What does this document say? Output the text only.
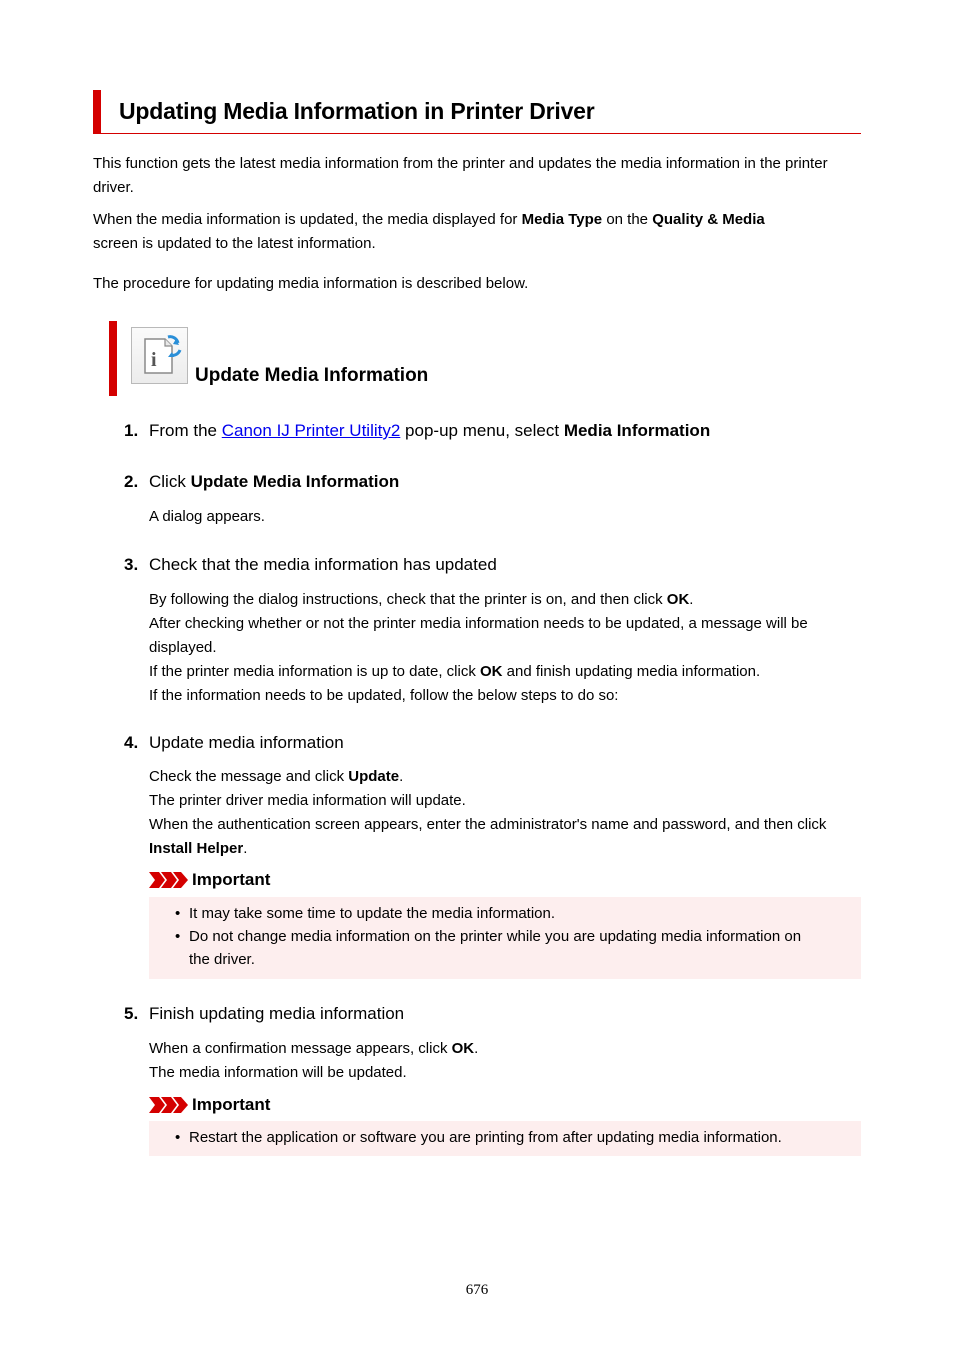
Updating Media Information in Printer Driver
This function gets the latest media information from the printer and updates the media information in the printer driver.
When the media information is updated, the media displayed for Media Type on the Quality & Media
screen is updated to the latest information.
The procedure for updating media information is described below.
i
Update Media Information
1. From the Canon IJ Printer Utility2 pop-up menu, select Media Information
2. Click Update Media Information
A dialog appears.
3. Check that the media information has updated
By following the dialog instructions, check that the printer is on, and then click OK.
After checking whether or not the printer media information needs to be updated, a message will be
displayed.
If the printer media information is up to date, click OK and finish updating media information.
If the information needs to be updated, follow the below steps to do so:
4. Update media information
Check the message and click Update.
The printer driver media information will update.
When the authentication screen appears, enter the administrator's name and password, and then click
Install Helper.
Important
• It may take some time to update the media information.
• Do not change media information on the printer while you are updating media information on
the driver.
5. Finish updating media information
When a confirmation message appears, click OK.
The media information will be updated.
Important
• Restart the application or software you are printing from after updating media information.
676
